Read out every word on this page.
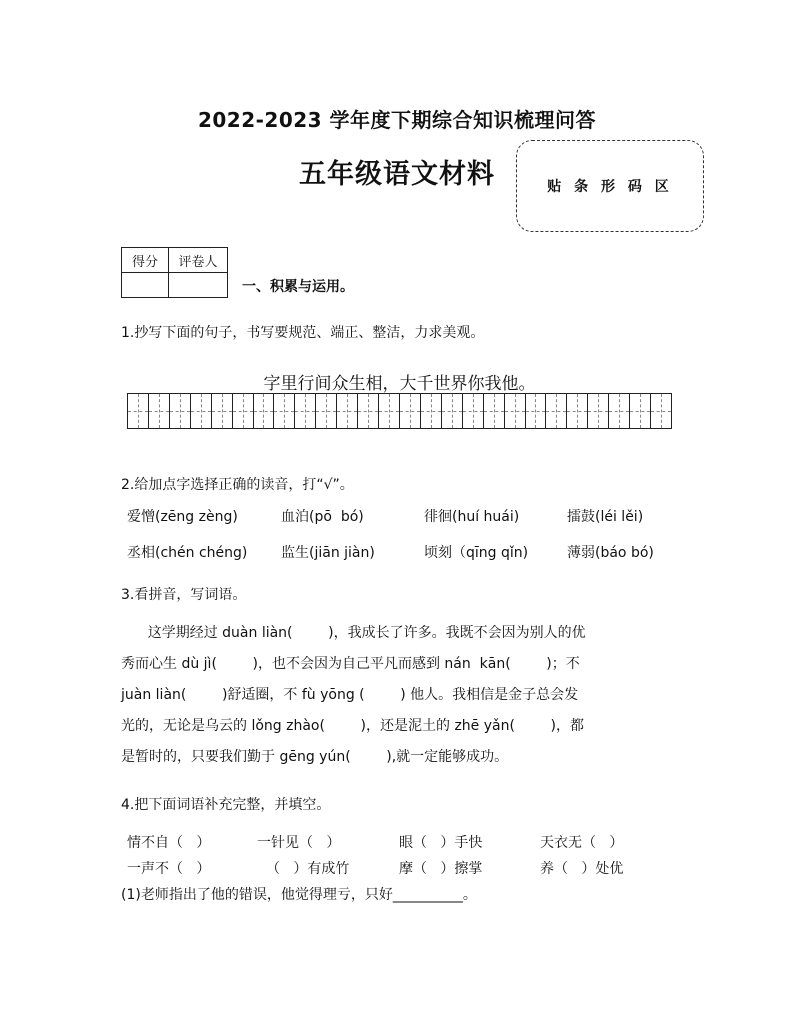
2022-2023 学年度下期综合知识梳理问答
五年级语文材料	贴 条 形 码 区
得分	评卷人

一、积累与运用。
1.抄写下面的句子，书写要规范、端正、整洁，力求美观。
字里行间众生相，大千世界你我他。
2.给加点字选择正确的读音，打“√”。
爱憎(zēng zèng)	血泊(pō  bó)	徘徊(huí huái)	擂鼓(léi lěi)
丞相(chén chéng) 监生(jiān jiàn)	顷刻（qīng qǐn)	薄弱(báo bó)
3.看拼音，写词语。
这学期经过 duàn liàn(        )，我成长了许多。我既不会因为别人的优
秀而心生 dù jì(        )，也不会因为自己平凡而感到 nán  kān(        )；不
juàn liàn(        )舒适圈，不 fù yōng (        ) 他人。我相信是金子总会发
光的，无论是乌云的 lǒng zhào(        )，还是泥土的 zhē yǎn(        )，都
是暂时的，只要我们勤于 gēng yún(        ),就一定能够成功。
4.把下面词语补充完整，并填空。
情不自（   ）	一针见（   ）	眼（   ）手快	天衣无（   ）
一声不（   ）	（   ）有成竹	摩（   ）擦掌	养（   ）处优
(1)老师指出了他的错误，他觉得理亏，只好__________。
